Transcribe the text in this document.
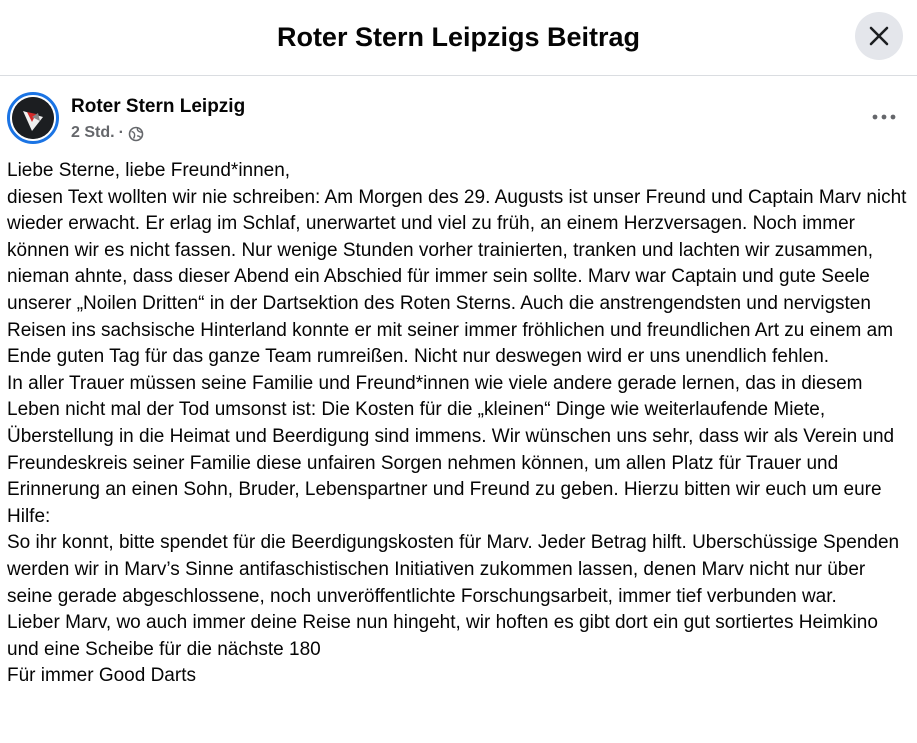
Roter Stern Leipzigs Beitrag
Roter Stern Leipzig
2 Std. ·

Liebe Sterne, liebe Freund*innen,

diesen Text wollten wir nie schreiben: Am Morgen des 29. Augusts ist unser Freund und Captain Marv nicht wieder erwacht. Er erlag im Schlaf, unerwartet und viel zu früh, an einem Herzversagen. Noch immer können wir es nicht fassen. Nur wenige Stunden vorher trainierten, tranken und lachten wir zusammen, nieman ahnte, dass dieser Abend ein Abschied für immer sein sollte. Marv war Captain und gute Seele unserer „Noilen Dritten“ in der Dartsektion des Roten Sterns. Auch die anstrengendsten und nervigsten Reisen ins sachsische Hinterland konnte er mit seiner immer fröhlichen und freundlichen Art zu einem am Ende guten Tag für das ganze Team rumreißen. Nicht nur deswegen wird er uns unendlich fehlen.

In aller Trauer müssen seine Familie und Freund*innen wie viele andere gerade lernen, das in diesem Leben nicht mal der Tod umsonst ist: Die Kosten für die „kleinen“ Dinge wie weiterlaufende Miete, Überstellung in die Heimat und Beerdigung sind immens. Wir wünschen uns sehr, dass wir als Verein und Freundeskreis seiner Familie diese unfairen Sorgen nehmen können, um allen Platz für Trauer und Erinnerung an einen Sohn, Bruder, Lebenspartner und Freund zu geben. Hierzu bitten wir euch um eure Hilfe:

So ihr konnt, bitte spendet für die Beerdigungskosten für Marv. Jeder Betrag hilft. Uberschüssige Spenden werden wir in Marv’s Sinne antifaschistischen Initiativen zukommen lassen, denen Marv nicht nur über seine gerade abgeschlossene, noch unveröffentlichte Forschungsarbeit, immer tief verbunden war.

Lieber Marv, wo auch immer deine Reise nun hingeht, wir hoften es gibt dort ein gut sortiertes Heimkino und eine Scheibe für die nächste 180

Für immer Good Darts
